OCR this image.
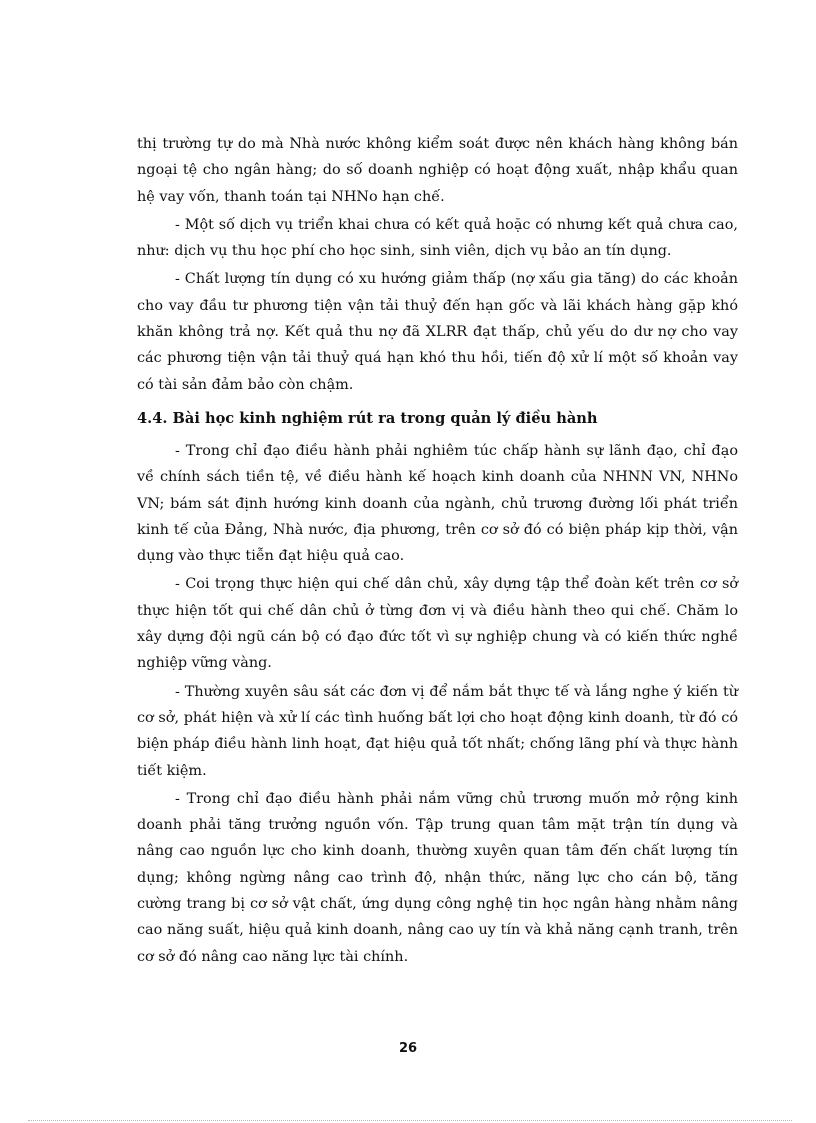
thị trường tự do mà Nhà nước không kiểm soát được nên khách hàng không bán ngoại tệ cho ngân hàng; do số doanh nghiệp có hoạt động xuất, nhập khẩu quan hệ vay vốn, thanh toán tại NHNo hạn chế.

- Một số dịch vụ triển khai chưa có kết quả hoặc có nhưng kết quả chưa cao, như: dịch vụ thu học phí cho học sinh, sinh viên, dịch vụ bảo an tín dụng.

- Chất lượng tín dụng có xu hướng giảm thấp (nợ xấu gia tăng) do các khoản cho vay đầu tư phương tiện vận tải thuỷ đến hạn gốc và lãi khách hàng gặp khó khăn không trả nợ. Kết quả thu nợ đã XLRR đạt thấp, chủ yếu do dư nợ cho vay các phương tiện vận tải thuỷ quá hạn khó thu hồi, tiến độ xử lí một số khoản vay có tài sản đảm bảo còn chậm.

4.4. Bài học kinh nghiệm rút ra trong quản lý điều hành

- Trong chỉ đạo điều hành phải nghiêm túc chấp hành sự lãnh đạo, chỉ đạo về chính sách tiền tệ, về điều hành kế hoạch kinh doanh của NHNN VN, NHNo VN; bám sát định hướng kinh doanh của ngành, chủ trương đường lối phát triển kinh tế của Đảng, Nhà nước, địa phương, trên cơ sở đó có biện pháp kịp thời, vận dụng vào thực tiễn đạt hiệu quả cao.

- Coi trọng thực hiện qui chế dân chủ, xây dựng tập thể đoàn kết trên cơ sở thực hiện tốt qui chế dân chủ ở từng đơn vị và điều hành theo qui chế. Chăm lo xây dựng đội ngũ cán bộ có đạo đức tốt vì sự nghiệp chung và có kiến thức nghề nghiệp vững vàng.

- Thường xuyên sâu sát các đơn vị để nắm bắt thực tế và lắng nghe ý kiến từ cơ sở, phát hiện và xử lí các tình huống bất lợi cho hoạt động kinh doanh, từ đó có biện pháp điều hành linh hoạt, đạt hiệu quả tốt nhất; chống lãng phí và thực hành tiết kiệm.

- Trong chỉ đạo điều hành phải nắm vững chủ trương muốn mở rộng kinh doanh phải tăng trưởng nguồn vốn. Tập trung quan tâm mặt trận tín dụng và nâng cao nguồn lực cho kinh doanh, thường xuyên quan tâm đến chất lượng tín dụng; không ngừng nâng cao trình độ, nhận thức, năng lực cho cán bộ, tăng cường trang bị cơ sở vật chất, ứng dụng công nghệ tin học ngân hàng nhằm nâng cao năng suất, hiệu quả kinh doanh, nâng cao uy tín và khả năng cạnh tranh, trên cơ sở đó nâng cao năng lực tài chính.

26
